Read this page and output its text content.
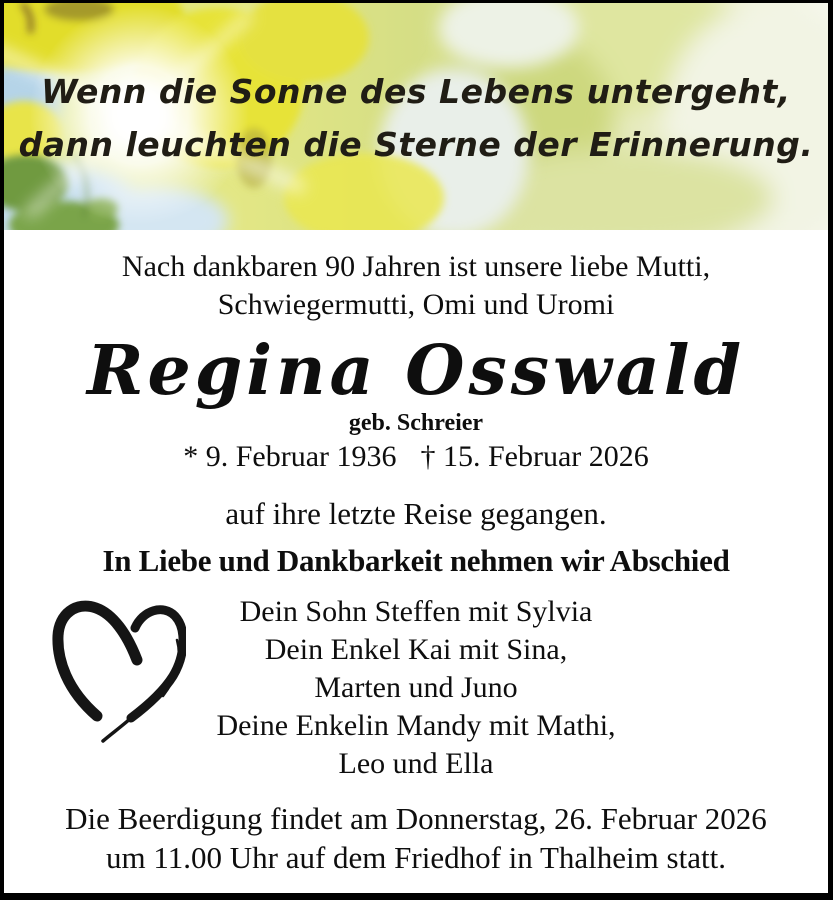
Wenn die Sonne des Lebens untergeht,
dann leuchten die Sterne der Erinnerung.
Nach dankbaren 90 Jahren ist unsere liebe Mutti,
Schwiegermutti, Omi und Uromi
Regina Osswald
geb. Schreier
* 9. Februar 1936 † 15. Februar 2026
auf ihre letzte Reise gegangen.
In Liebe und Dankbarkeit nehmen wir Abschied
Dein Sohn Steffen mit Sylvia
Dein Enkel Kai mit Sina,
Marten und Juno
Deine Enkelin Mandy mit Mathi,
Leo und Ella
Die Beerdigung findet am Donnerstag, 26. Februar 2026
um 11.00 Uhr auf dem Friedhof in Thalheim statt.
